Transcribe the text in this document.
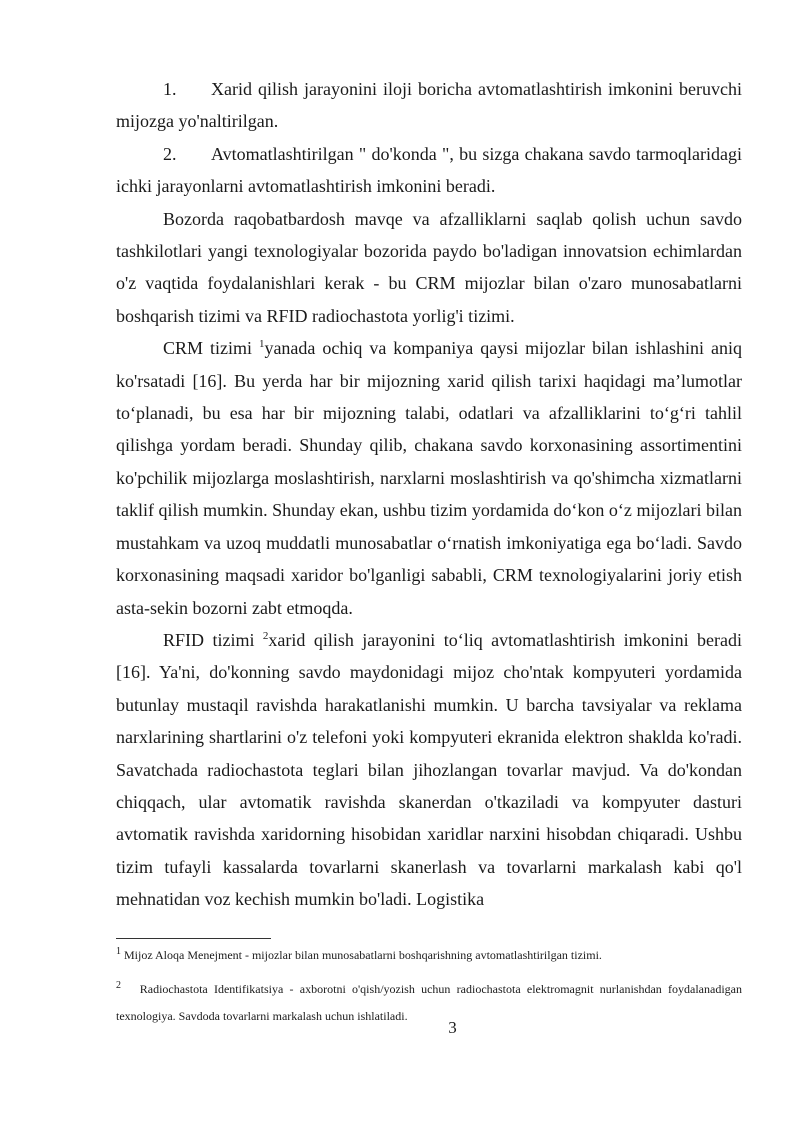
1. Xarid qilish jarayonini iloji boricha avtomatlashtirish imkonini beruvchi mijozga yo'naltirilgan.

2. Avtomatlashtirilgan " do'konda ", bu sizga chakana savdo tarmoqlaridagi ichki jarayonlarni avtomatlashtirish imkonini beradi.

Bozorda raqobatbardosh mavqe va afzalliklarni saqlab qolish uchun savdo tashkilotlari yangi texnologiyalar bozorida paydo bo'ladigan innovatsion echimlardan o'z vaqtida foydalanishlari kerak - bu CRM mijozlar bilan o'zaro munosabatlarni boshqarish tizimi va RFID radiochastota yorlig'i tizimi.

CRM tizimi $^1$yanada ochiq va kompaniya qaysi mijozlar bilan ishlashini aniq ko'rsatadi [16]. Bu yerda har bir mijozning xarid qilish tarixi haqidagi ma’lumotlar to‘planadi, bu esa har bir mijozning talabi, odatlari va afzalliklarini to‘g‘ri tahlil qilishga yordam beradi. Shunday qilib, chakana savdo korxonasining assortimentini ko'pchilik mijozlarga moslashtirish, narxlarni moslashtirish va qo'shimcha xizmatlarni taklif qilish mumkin. Shunday ekan, ushbu tizim yordamida do‘kon o‘z mijozlari bilan mustahkam va uzoq muddatli munosabatlar o‘rnatish imkoniyatiga ega bo‘ladi. Savdo korxonasining maqsadi xaridor bo'lganligi sababli, CRM texnologiyalarini joriy etish asta-sekin bozorni zabt etmoqda.

RFID tizimi $^2$xarid qilish jarayonini to‘liq avtomatlashtirish imkonini beradi [16]. Ya'ni, do'konning savdo maydonidagi mijoz cho'ntak kompyuteri yordamida butunlay mustaqil ravishda harakatlanishi mumkin. U barcha tavsiyalar va reklama narxlarining shartlarini o'z telefoni yoki kompyuteri ekranida elektron shaklda ko'radi. Savatchada radiochastota teglari bilan jihozlangan tovarlar mavjud. Va do'kondan chiqqach, ular avtomatik ravishda skanerdan o'tkaziladi va kompyuter dasturi avtomatik ravishda xaridorning hisobidan xaridlar narxini hisobdan chiqaradi. Ushbu tizim tufayli kassalarda tovarlarni skanerlash va tovarlarni markalash kabi qo'l mehnatidan voz kechish mumkin bo'ladi. Logistika

$^1$ Mijoz Aloqa Menejment - mijozlar bilan munosabatlarni boshqarishning avtomatlashtirilgan tizimi.

$^2$ Radiochastota Identifikatsiya - axborotni o'qish/yozish uchun radiochastota elektromagnit nurlanishdan foydalanadigan texnologiya. Savdoda tovarlarni markalash uchun ishlatiladi.

3
